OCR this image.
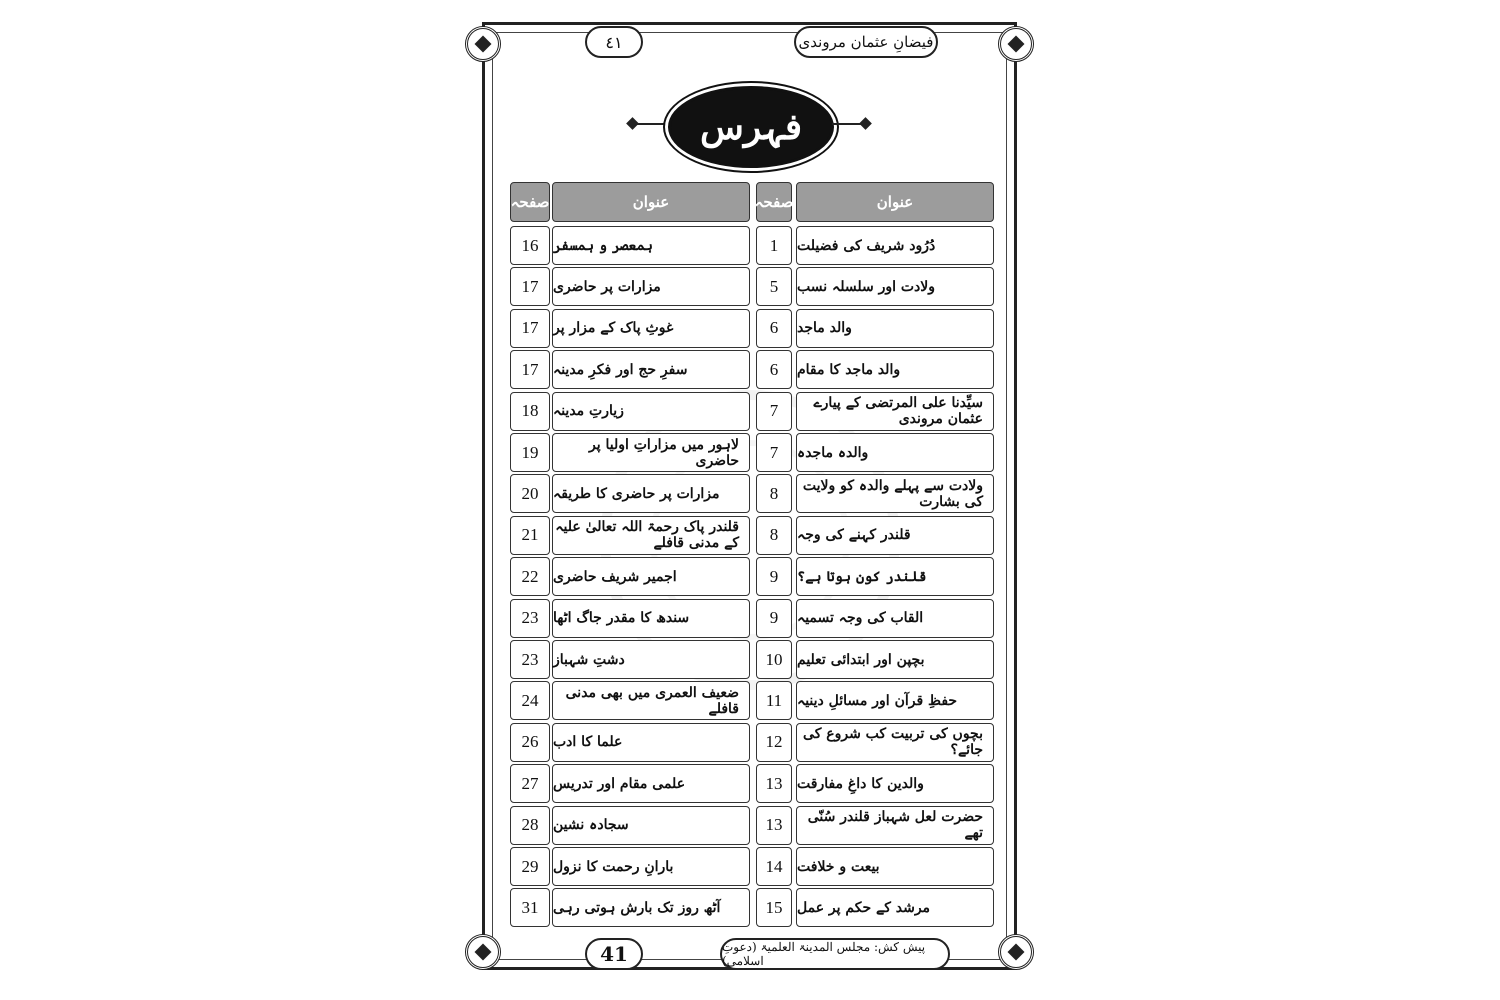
٤١	فیضانِ عثمان مروندی
فہرس
عنوان
صفحہ
عنوان
صفحہ
دُرُود شریف کی فضیلت
1
ہمعصر و ہمسفر
16
ولادت اور سلسلہ نسب
5
مزارات پر حاضری
17
والد ماجد
6
غوثِ پاک کے مزار پر
17
والد ماجد کا مقام
6
سفرِ حج اور فکرِ مدینہ
17
سیِّدنا علی المرتضی کے پیارے عثمان مروندی
7
زیارتِ مدینہ
18
والدہ ماجدہ
7
لاہور میں مزاراتِ اولیا پر حاضری
19
ولادت سے پہلے والدہ کو ولایت کی بشارت
8
مزارات پر حاضری کا طریقہ
20
قلندر کہنے کی وجہ
8
قلندر پاک رحمۃ اللہ تعالیٰ علیہ کے مدنی قافلے
21
قلندر کون ہوتا ہے؟
9
اجمیر شریف حاضری
22
القاب کی وجہ تسمیہ
9
سندھ کا مقدر جاگ اٹھا
23
بچپن اور ابتدائی تعلیم
10
دشتِ شہباز
23
حفظِ قرآن اور مسائلِ دینیہ
11
ضعیف العمری میں بھی مدنی قافلے
24
بچوں کی تربیت کب شروع کی جائے؟
12
علما کا ادب
26
والدین کا داغِ مفارقت
13
علمی مقام اور تدریس
27
حضرت لعل شہباز قلندر سُنّی تھے
13
سجادہ نشین
28
بیعت و خلافت
14
بارانِ رحمت کا نزول
29
مرشد کے حکم پر عمل
15
آٹھ روز تک بارش ہوتی رہی
31
41	پیش کش: مجلس المدینۃ العلمیۃ (دعوتِ اسلامی)
